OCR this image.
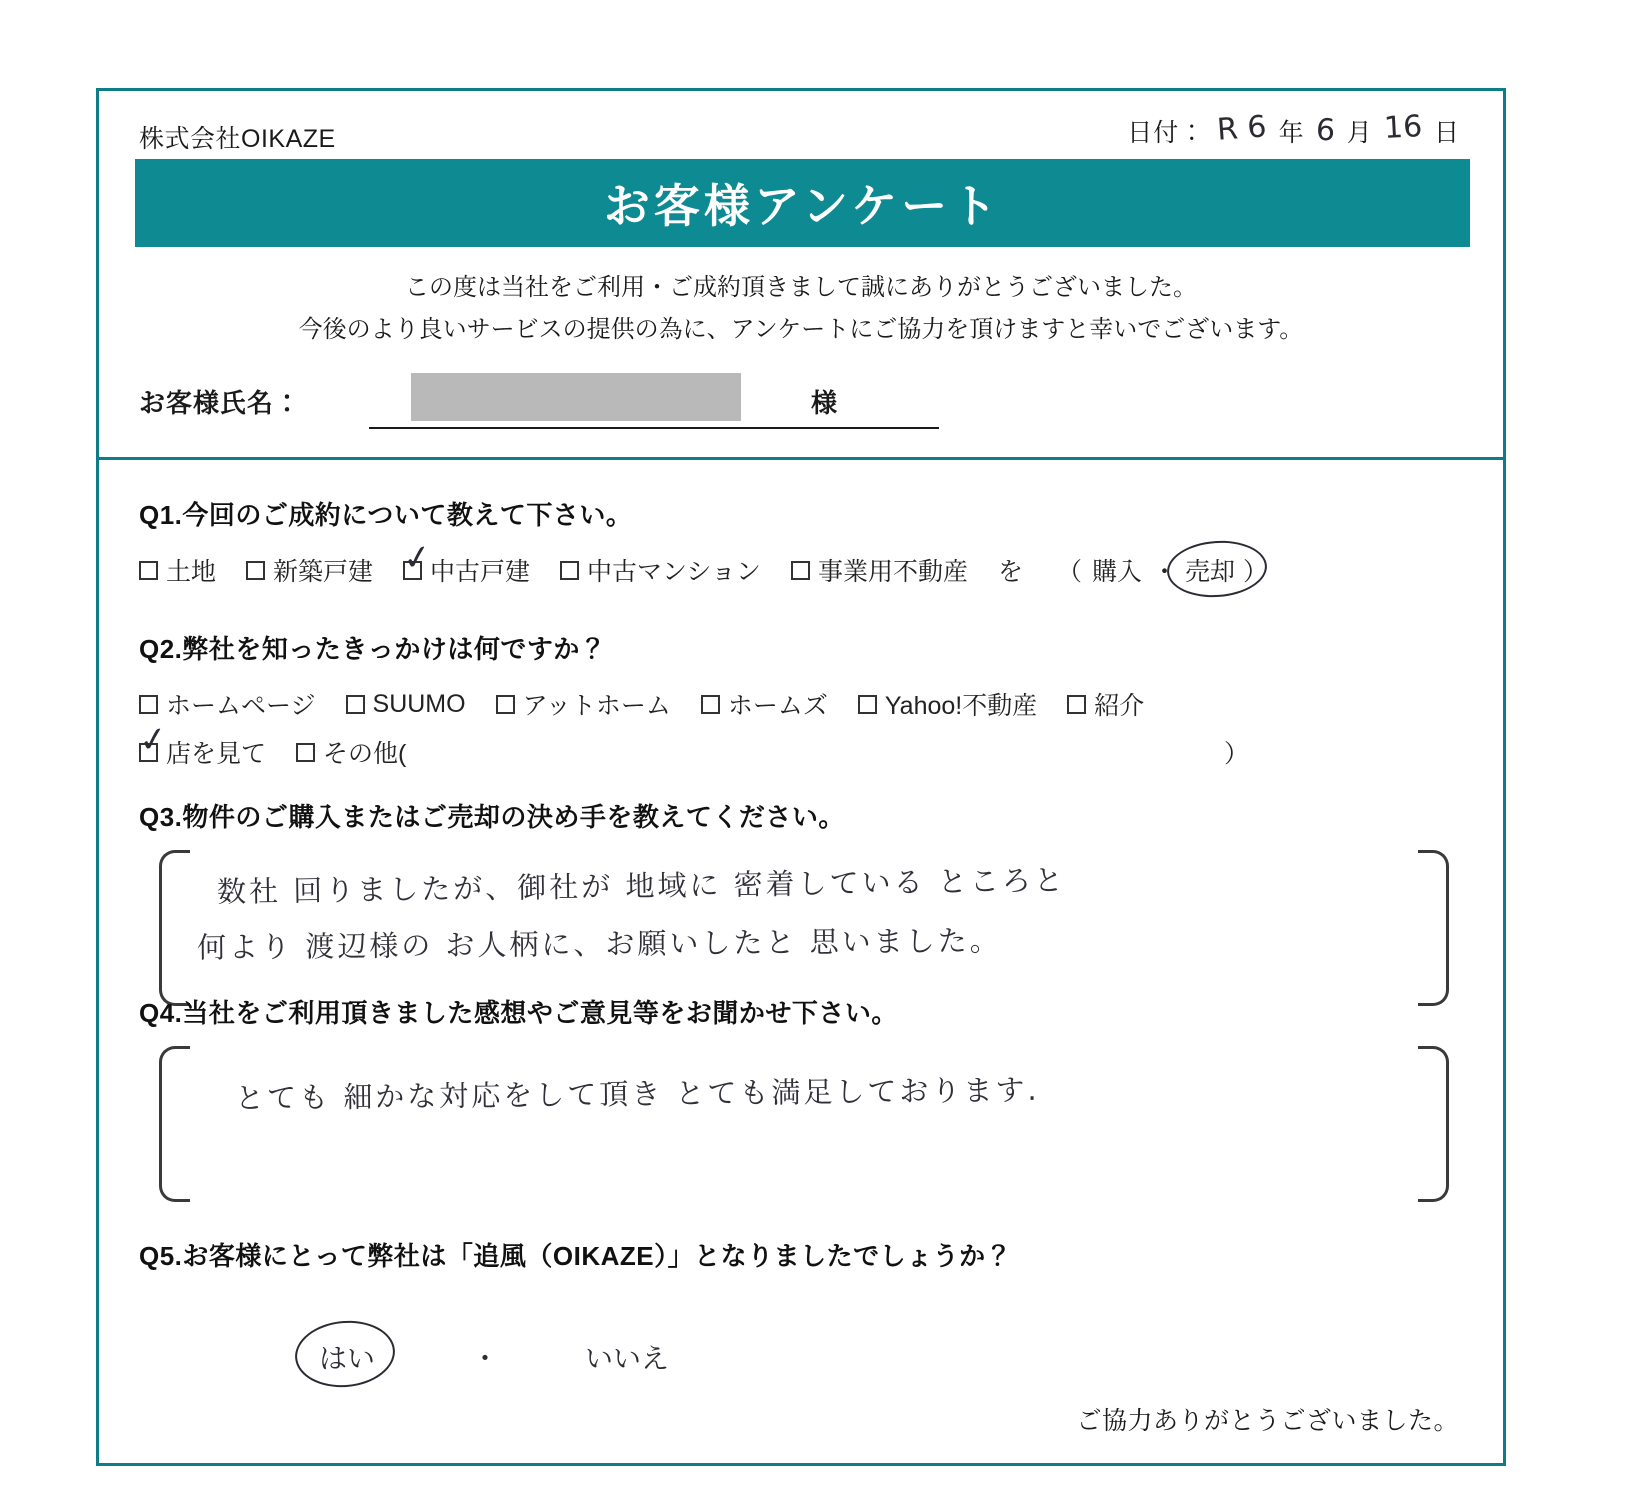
株式会社OIKAZE	日付： R 6 年 6 月 16 日
お客様アンケート
この度は当社をご利用・ご成約頂きまして誠にありがとうございました。
今後のより良いサービスの提供の為に、アンケートにご協力を頂けますと幸いでございます。
お客様氏名：	様
Q1.今回のご成約について教えて下さい。
土地 新築戸建 ✓
中古戸建 中古マンション 事業用不動産 を （ 購入 ・ 売却 ）
Q2.弊社を知ったきっかけは何ですか？
ホームページ SUUMO アットホーム ホームズ Yahoo!不動産 紹介
✓
店を見て その他(	）
Q3.物件のご購入またはご売却の決め手を教えてください。
数社 回りましたが、御社が 地域に 密着している ところと
何より 渡辺様の お人柄に、お願いしたと 思いました。
Q4.当社をご利用頂きました感想やご意見等をお聞かせ下さい。
とても 細かな対応をして頂き とても満足しております.
Q5.お客様にとって弊社は「追風（OIKAZE）」となりましたでしょうか？
はい	・	いいえ
ご協力ありがとうございました。
